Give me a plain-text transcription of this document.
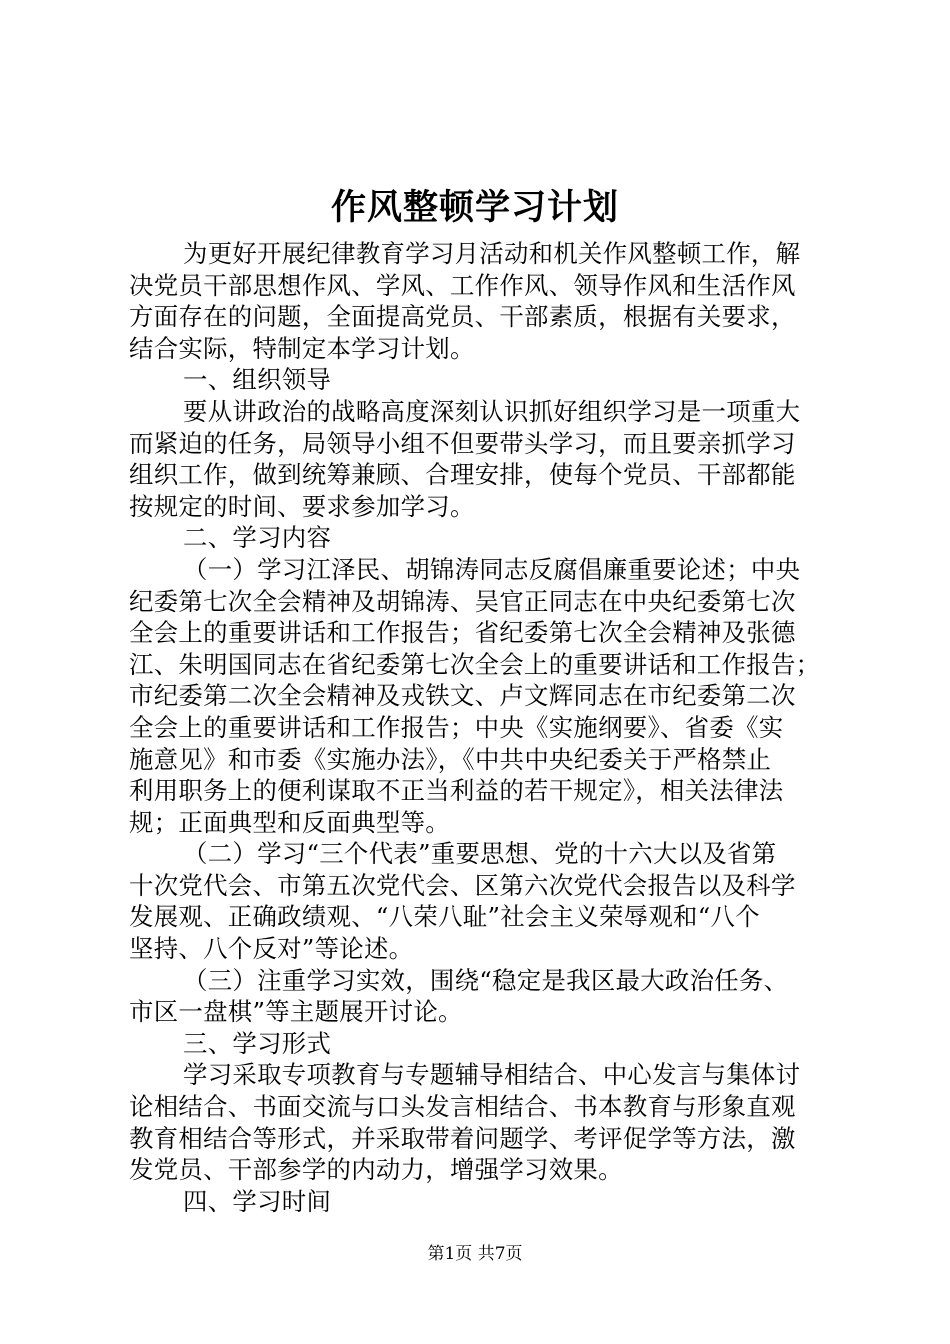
作风整顿学习计划
为更好开展纪律教育学习月活动和机关作风整顿工作，解
决党员干部思想作风、学风、工作作风、领导作风和生活作风
方面存在的问题，全面提高党员、干部素质，根据有关要求，
结合实际，特制定本学习计划。
一、组织领导
要从讲政治的战略高度深刻认识抓好组织学习是一项重大
而紧迫的任务，局领导小组不但要带头学习，而且要亲抓学习
组织工作，做到统筹兼顾、合理安排，使每个党员、干部都能
按规定的时间、要求参加学习。
二、学习内容
（一）学习江泽民、胡锦涛同志反腐倡廉重要论述；中央
纪委第七次全会精神及胡锦涛、吴官正同志在中央纪委第七次
全会上的重要讲话和工作报告；省纪委第七次全会精神及张德
江、朱明国同志在省纪委第七次全会上的重要讲话和工作报告；
市纪委第二次全会精神及戎铁文、卢文辉同志在市纪委第二次
全会上的重要讲话和工作报告；中央《实施纲要》、省委《实
施意见》和市委《实施办法》，《中共中央纪委关于严格禁止
利用职务上的便利谋取不正当利益的若干规定》，相关法律法
规；正面典型和反面典型等。
（二）学习“三个代表”重要思想、党的十六大以及省第
十次党代会、市第五次党代会、区第六次党代会报告以及科学
发展观、正确政绩观、“八荣八耻”社会主义荣辱观和“八个
坚持、八个反对”等论述。
（三）注重学习实效，围绕“稳定是我区最大政治任务、
市区一盘棋”等主题展开讨论。
三、学习形式
学习采取专项教育与专题辅导相结合、中心发言与集体讨
论相结合、书面交流与口头发言相结合、书本教育与形象直观
教育相结合等形式，并采取带着问题学、考评促学等方法，激
发党员、干部参学的内动力，增强学习效果。
四、学习时间
第1页 共7页
